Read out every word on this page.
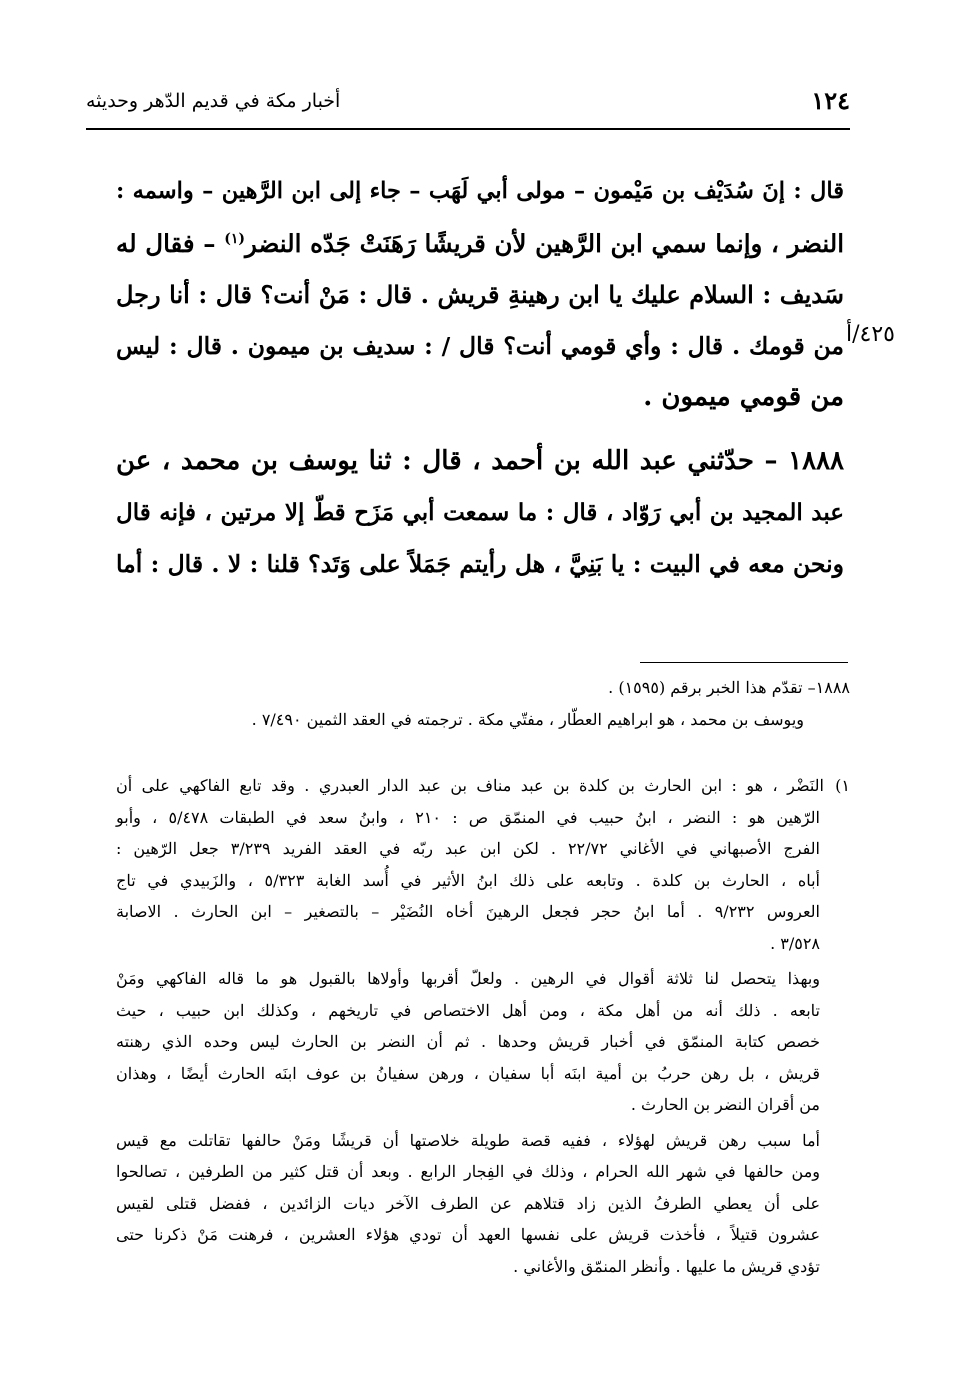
١٢٤
أخبار مكة في قديم الدّهر وحديثه
٤٢٥/أ

قال : إنَ سُدَيْف بن مَيْمون – مولى أبي لَهَب – جاء إلى ابن الرَّهين – واسمه :
النضر ، وإنما سمي ابن الرَّهين لأن قريشًا رَهَنَتْ جَدّه النضر$^{(١)}$ – فقال له
سَديف : السلام عليك يا ابن رهينةِ قريش . قال : مَنْ أنت؟ قال : أنا رجل
من قومك . قال : وأي قومي أنت؟ قال / : سديف بن ميمون . قال : ليس
من قومي ميمون .

١٨٨٨ – حدّثني عبد الله بن أحمد ، قال : ثنا يوسف بن محمد ، عن
عبد المجيد بن أبي رَوّاد ، قال : ما سمعت أبي مَزَح قطّ إلا مرتين ، فإنه قال
ونحن معه في البيت : يا بَنِيَّ ، هل رأيتم جَمَلاً على وَتَد؟ قلنا : لا . قال : أما

١٨٨٨– تقدّم هذا الخبر برقم (١٥٩٥) .
ويوسف بن محمد ، هو ابراهيم العطّار ، مفتّي مكة . ترجمته في العقد الثمين ٧/٤٩٠ .

١)النَضْر ، هو : ابن الحارث بن كلدة بن عبد مناف بن عبد الدار العبدري . وقد تابع الفاكهي على أن
الرّهين هو : النضر ، ابنُ حبيب في المنمّق ص : ٢١٠ ، وابنُ سعد في الطبقات ٥/٤٧٨ ، وأبو
الفرج الأصبهاني في الأغاني ٢٢/٧٢ . لكن ابن عبد ربّه في العقد الفريد ٣/٢٣٩ جعل الرّهين :
أباه ، الحارث بن كلدة . وتابعه على ذلك ابنُ الأثير في أُسد الغابة ٥/٣٢٣ ، والزَبيدي في تاج
العروس ٩/٢٣٢ . أما ابنُ حجر فجعل الرهينَ أخاه النُضَيْر – بالتصغير – ابن الحارث . الاصابة
٣/٥٢٨ .

وبهذا يتحصل لنا ثلاثة أقوال في الرهين . ولعلّ أقربها وأولاها بالقبول هو ما قاله الفاكهي ومَنْ
تابعه . ذلك أنه من أهل مكة ، ومن أهل الاختصاص في تاريخهم ، وكذلك ابن حبيب ، حيث
خصص كتابة المنمّق في أخبار قريش وحدها . ثم أن النضر بن الحارث ليس وحده الذي رهنته
قريش ، بل رهن حربُ بن أمية ابنَه أبا سفيان ، ورهن سفيانُ بن عوف ابنَه الحارث أيضًا ، وهذان
من أقران النضر بن الحارث .

أما سبب رهن قريش لهؤلاء ، ففيه قصة طويلة خلاصتها أن قريشًا ومَنْ حالفها تقاتلت مع قيس
ومن حالفها في شهر الله الحرام ، وذلك في الفِجار الرابع . وبعد أن قتل كثير من الطرفين ، تصالحوا
على أن يعطي الطرفُ الذين زاد قتلاهم عن الطرف الآخر ديات الزائدين ، ففضل قتلى لقيس
عشرون قتيلاً ، فأخذت قريش على نفسها العهد أن تودي هؤلاء العشرين ، فرهنت مَنْ ذكرنا حتى
تؤدي قريش ما عليها . وأنظر المنمّق والأغاني .
